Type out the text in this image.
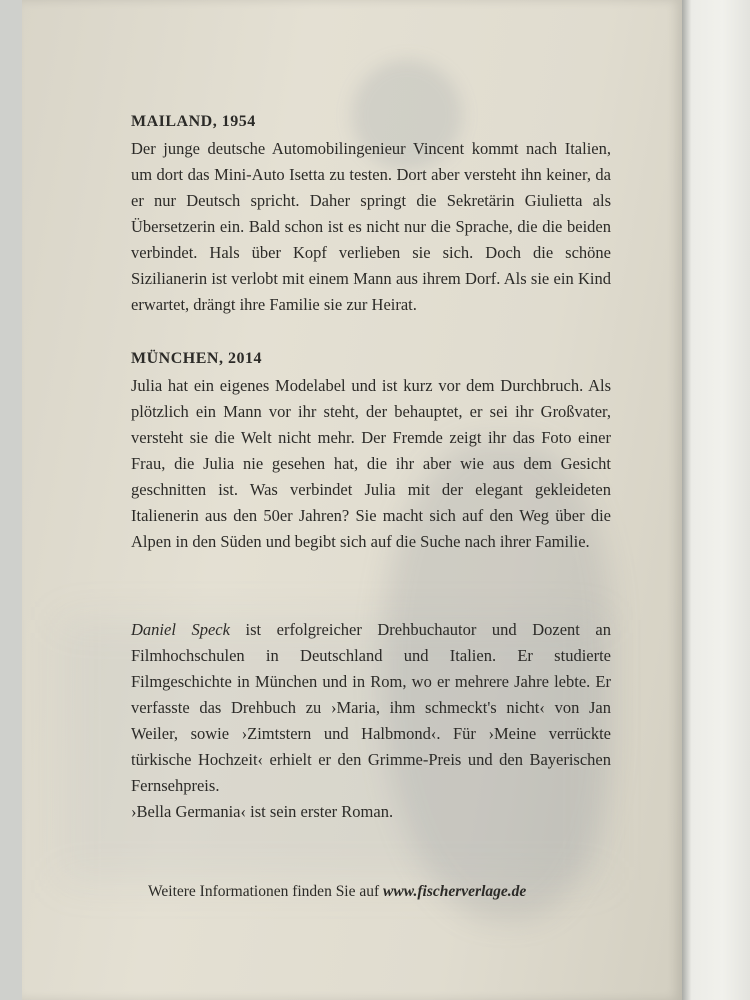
MAILAND, 1954

Der junge deutsche Automobilingenieur Vincent kommt nach Italien, um dort das Mini-Auto Isetta zu testen. Dort aber versteht ihn keiner, da er nur Deutsch spricht. Daher springt die Sekretärin Giulietta als Übersetzerin ein. Bald schon ist es nicht nur die Sprache, die die beiden verbindet. Hals über Kopf verlieben sie sich. Doch die schöne Sizilianerin ist verlobt mit einem Mann aus ihrem Dorf. Als sie ein Kind erwartet, drängt ihre Familie sie zur Heirat.

MÜNCHEN, 2014

Julia hat ein eigenes Modelabel und ist kurz vor dem Durchbruch. Als plötzlich ein Mann vor ihr steht, der behauptet, er sei ihr Großvater, versteht sie die Welt nicht mehr. Der Fremde zeigt ihr das Foto einer Frau, die Julia nie gesehen hat, die ihr aber wie aus dem Gesicht geschnitten ist. Was verbindet Julia mit der elegant gekleideten Italienerin aus den 50er Jahren? Sie macht sich auf den Weg über die Alpen in den Süden und begibt sich auf die Suche nach ihrer Familie.

Daniel Speck ist erfolgreicher Drehbuchautor und Dozent an Filmhochschulen in Deutschland und Italien. Er studierte Filmgeschichte in München und in Rom, wo er mehrere Jahre lebte. Er verfasste das Drehbuch zu ›Maria, ihm schmeckt's nicht‹ von Jan Weiler, sowie ›Zimtstern und Halbmond‹. Für ›Meine verrückte türkische Hochzeit‹ erhielt er den Grimme-Preis und den Bayerischen Fernsehpreis.

›Bella Germania‹ ist sein erster Roman.

Weitere Informationen finden Sie auf www.fischerverlage.de
